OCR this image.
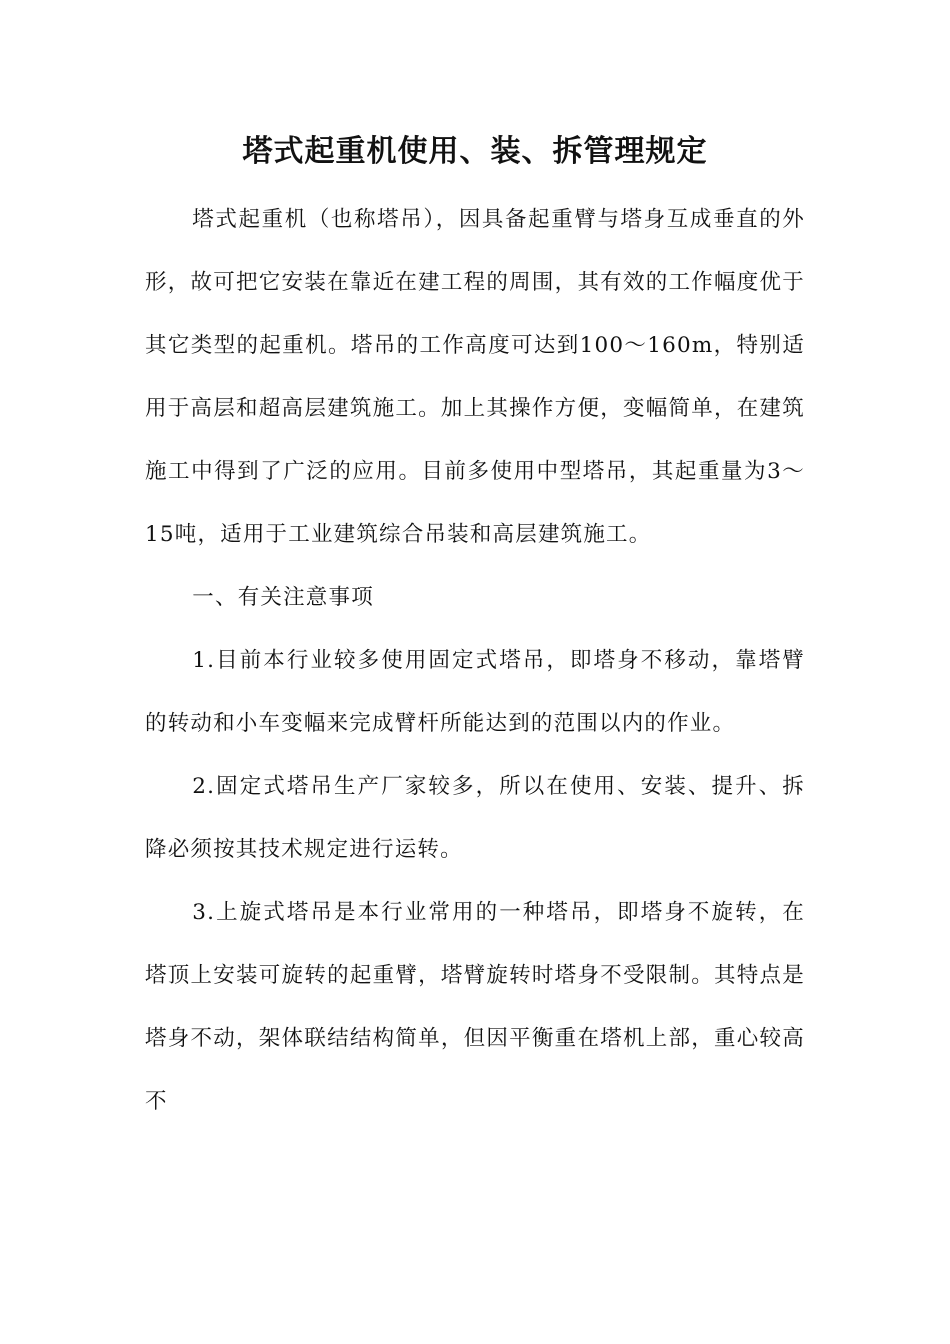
塔式起重机使用、装、拆管理规定

塔式起重机（也称塔吊），因具备起重臂与塔身互成垂直的外形，故可把它安装在靠近在建工程的周围，其有效的工作幅度优于其它类型的起重机。塔吊的工作高度可达到100～160m，特别适用于高层和超高层建筑施工。加上其操作方便，变幅简单，在建筑施工中得到了广泛的应用。目前多使用中型塔吊，其起重量为3～15吨，适用于工业建筑综合吊装和高层建筑施工。

一、有关注意事项

1.目前本行业较多使用固定式塔吊，即塔身不移动，靠塔臂的转动和小车变幅来完成臂杆所能达到的范围以内的作业。

2.固定式塔吊生产厂家较多，所以在使用、安装、提升、拆降必须按其技术规定进行运转。

3.上旋式塔吊是本行业常用的一种塔吊，即塔身不旋转，在塔顶上安装可旋转的起重臂，塔臂旋转时塔身不受限制。其特点是塔身不动，架体联结结构简单，但因平衡重在塔机上部，重心较高不
